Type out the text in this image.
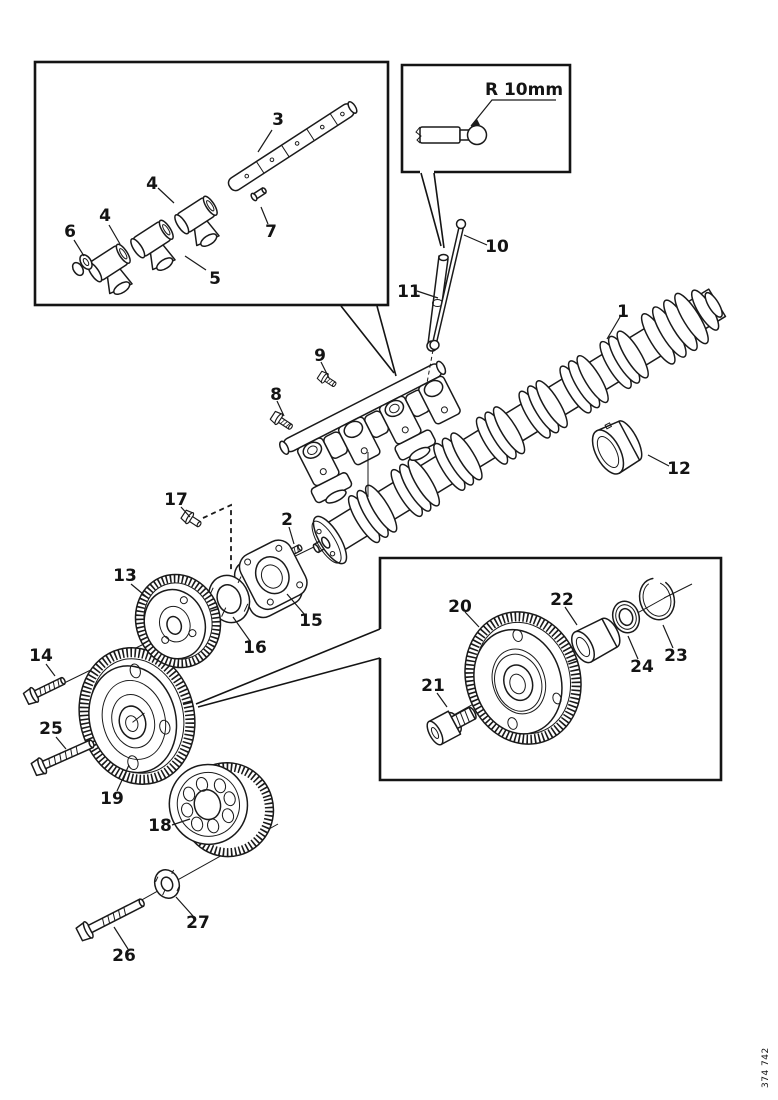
3
4
4
6
5
7
10
11
1
9
8
12
17
2
13
15
16
14
20	22
23
24
21
25
19
18
27
26
R 10mm
374 742
